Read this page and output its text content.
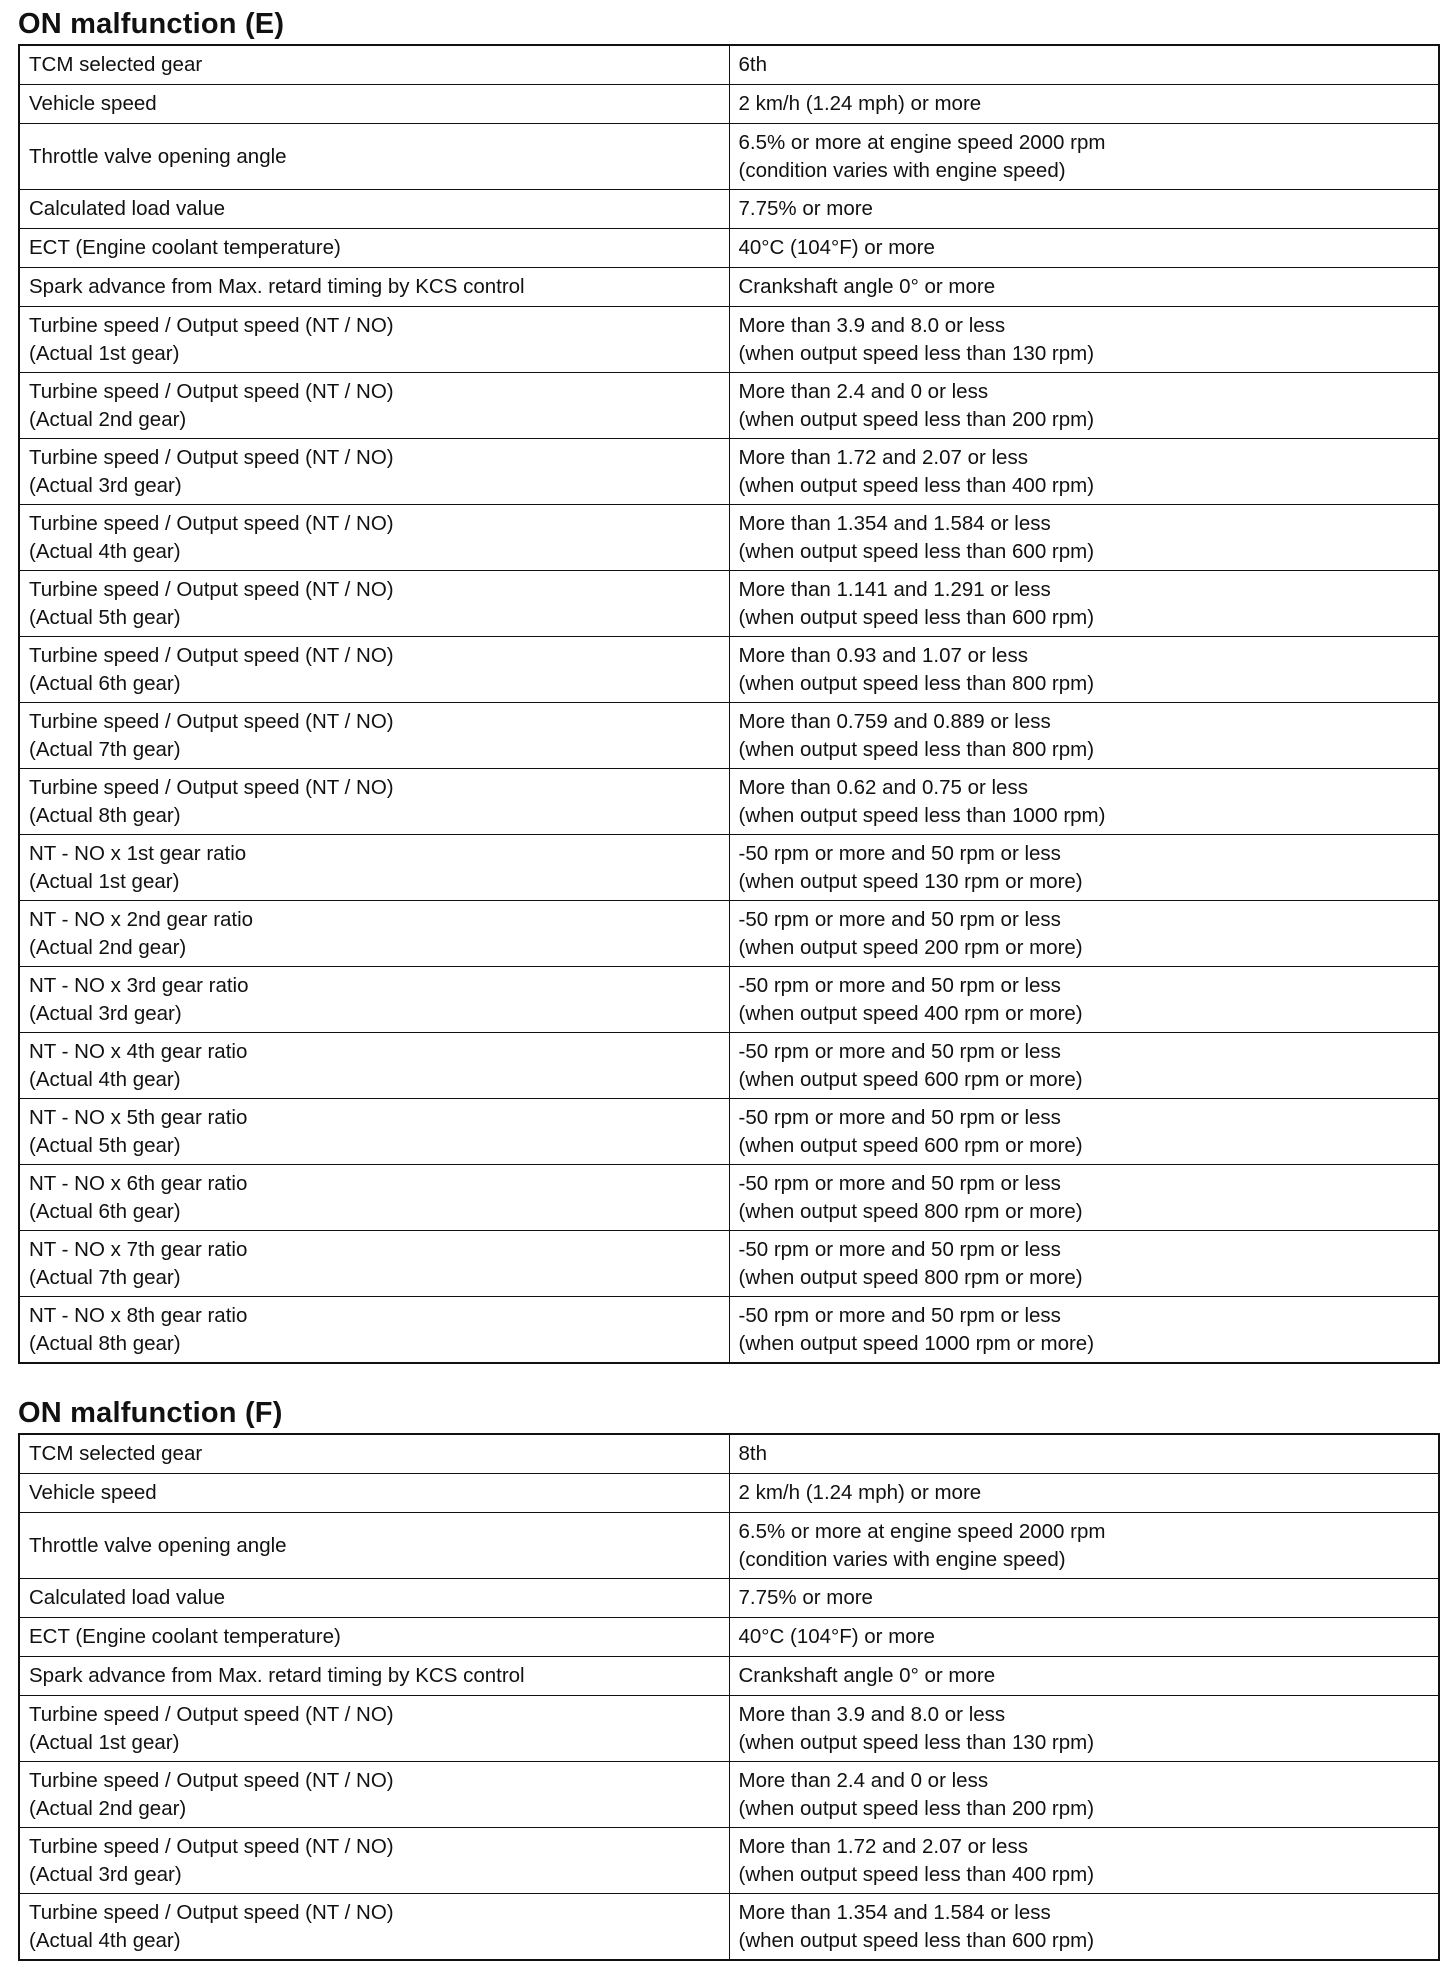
ON malfunction (E)
TCM selected gear	6th

Vehicle speed	2 km/h (1.24 mph) or more

Throttle valve opening angle	6.5% or more at engine speed 2000 rpm
(condition varies with engine speed)

Calculated load value	7.75% or more

ECT (Engine coolant temperature)	40°C (104°F) or more

Spark advance from Max. retard timing by KCS control	Crankshaft angle 0° or more

Turbine speed / Output speed (NT / NO)
(Actual 1st gear)	More than 3.9 and 8.0 or less
(when output speed less than 130 rpm)

Turbine speed / Output speed (NT / NO)
(Actual 2nd gear)	More than 2.4 and 0 or less
(when output speed less than 200 rpm)

Turbine speed / Output speed (NT / NO)
(Actual 3rd gear)	More than 1.72 and 2.07 or less
(when output speed less than 400 rpm)

Turbine speed / Output speed (NT / NO)
(Actual 4th gear)	More than 1.354 and 1.584 or less
(when output speed less than 600 rpm)

Turbine speed / Output speed (NT / NO)
(Actual 5th gear)	More than 1.141 and 1.291 or less
(when output speed less than 600 rpm)

Turbine speed / Output speed (NT / NO)
(Actual 6th gear)	More than 0.93 and 1.07 or less
(when output speed less than 800 rpm)

Turbine speed / Output speed (NT / NO)
(Actual 7th gear)	More than 0.759 and 0.889 or less
(when output speed less than 800 rpm)

Turbine speed / Output speed (NT / NO)
(Actual 8th gear)	More than 0.62 and 0.75 or less
(when output speed less than 1000 rpm)

NT - NO x 1st gear ratio
(Actual 1st gear)	-50 rpm or more and 50 rpm or less
(when output speed 130 rpm or more)

NT - NO x 2nd gear ratio
(Actual 2nd gear)	-50 rpm or more and 50 rpm or less
(when output speed 200 rpm or more)

NT - NO x 3rd gear ratio
(Actual 3rd gear)	-50 rpm or more and 50 rpm or less
(when output speed 400 rpm or more)

NT - NO x 4th gear ratio
(Actual 4th gear)	-50 rpm or more and 50 rpm or less
(when output speed 600 rpm or more)

NT - NO x 5th gear ratio
(Actual 5th gear)	-50 rpm or more and 50 rpm or less
(when output speed 600 rpm or more)

NT - NO x 6th gear ratio
(Actual 6th gear)	-50 rpm or more and 50 rpm or less
(when output speed 800 rpm or more)

NT - NO x 7th gear ratio
(Actual 7th gear)	-50 rpm or more and 50 rpm or less
(when output speed 800 rpm or more)

NT - NO x 8th gear ratio
(Actual 8th gear)	-50 rpm or more and 50 rpm or less
(when output speed 1000 rpm or more)
ON malfunction (F)
TCM selected gear	8th

Vehicle speed	2 km/h (1.24 mph) or more

Throttle valve opening angle	6.5% or more at engine speed 2000 rpm
(condition varies with engine speed)

Calculated load value	7.75% or more

ECT (Engine coolant temperature)	40°C (104°F) or more

Spark advance from Max. retard timing by KCS control	Crankshaft angle 0° or more

Turbine speed / Output speed (NT / NO)
(Actual 1st gear)	More than 3.9 and 8.0 or less
(when output speed less than 130 rpm)

Turbine speed / Output speed (NT / NO)
(Actual 2nd gear)	More than 2.4 and 0 or less
(when output speed less than 200 rpm)

Turbine speed / Output speed (NT / NO)
(Actual 3rd gear)	More than 1.72 and 2.07 or less
(when output speed less than 400 rpm)

Turbine speed / Output speed (NT / NO)
(Actual 4th gear)	More than 1.354 and 1.584 or less
(when output speed less than 600 rpm)
